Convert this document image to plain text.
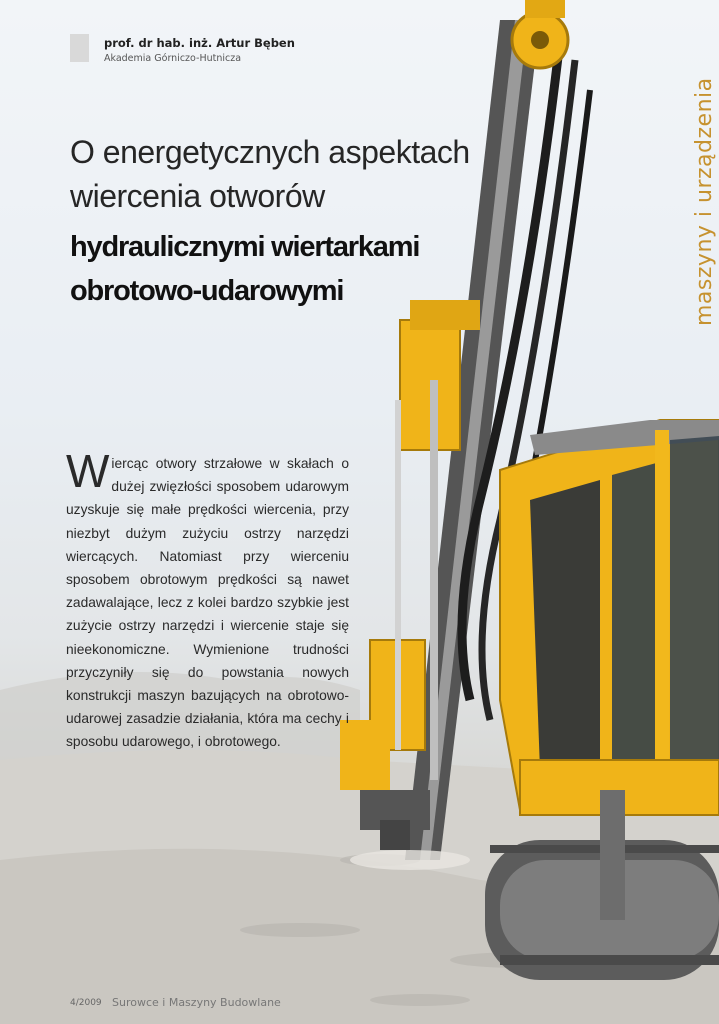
prof. dr hab. inż. Artur Bęben
Akademia Górniczo-Hutnicza
maszyny i urządzenia
O energetycznych aspektach
wiercenia otworów
hydraulicznymi wiertarkami
obrotowo-udarowymi
Wiercąc otwory strzałowe w skałach o dużej zwięzłości sposobem udarowym uzyskuje się małe prędkości wiercenia, przy niezbyt dużym zużyciu ostrzy narzędzi wiercących. Natomiast przy wierceniu sposobem obrotowym prędkości są nawet zadawalające, lecz z kolei bardzo szybkie jest zużycie ostrzy narzędzi i wiercenie staje się nieekonomiczne. Wymienione trudności przyczyniły się do powstania nowych konstrukcji maszyn bazujących na obrotowo-udarowej zasadzie działania, która ma cechy i sposobu udarowego, i obrotowego.
4/2009 Surowce i Maszyny Budowlane
